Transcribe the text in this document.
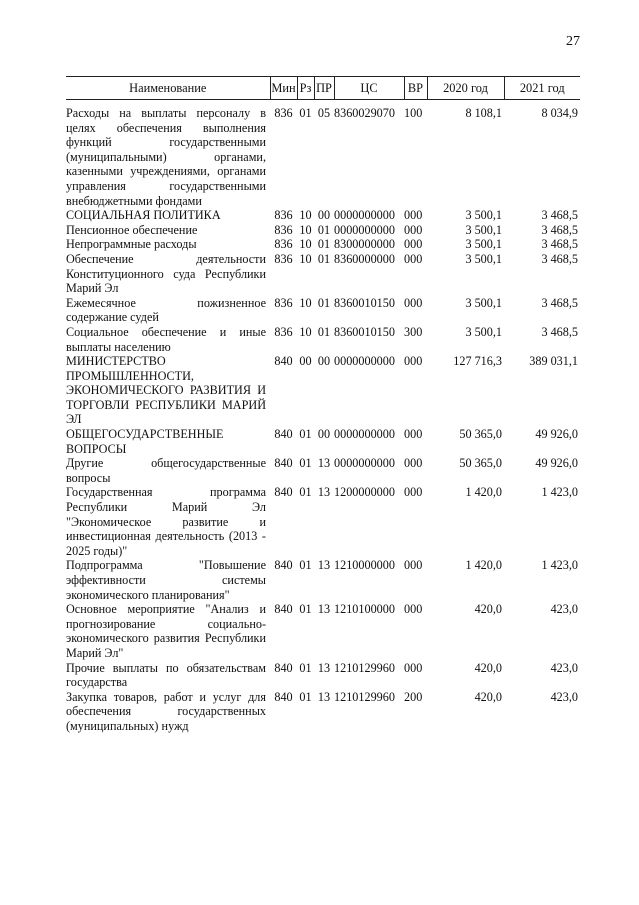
27
Наименование	Мин	Рз	ПР	ЦС	ВР	2020 год	2021 год
Расходы на выплаты персоналу в целях обеспечения выполнения функций государственными (муниципальными) органами, казенными учреждениями, органами управления государственными внебюджетными фондами	836	01	05	8360029070	100	8 108,1	8 034,9
СОЦИАЛЬНАЯ ПОЛИТИКА	836	10	00	0000000000	000	3 500,1	3 468,5
Пенсионное обеспечение	836	10	01	0000000000	000	3 500,1	3 468,5
Непрограммные расходы	836	10	01	8300000000	000	3 500,1	3 468,5
Обеспечение деятельности Конституционного суда Республики Марий Эл	836	10	01	8360000000	000	3 500,1	3 468,5
Ежемесячное пожизненное содержание судей	836	10	01	8360010150	000	3 500,1	3 468,5
Социальное обеспечение и иные выплаты населению	836	10	01	8360010150	300	3 500,1	3 468,5
МИНИСТЕРСТВО ПРОМЫШЛЕННОСТИ, ЭКОНОМИЧЕСКОГО РАЗВИТИЯ И ТОРГОВЛИ РЕСПУБЛИКИ МАРИЙ ЭЛ	840	00	00	0000000000	000	127 716,3	389 031,1
ОБЩЕГОСУДАРСТВЕННЫЕ ВОПРОСЫ	840	01	00	0000000000	000	50 365,0	49 926,0
Другие общегосударственные вопросы	840	01	13	0000000000	000	50 365,0	49 926,0
Государственная программа Республики Марий Эл "Экономическое развитие и инвестиционная деятельность (2013 - 2025 годы)"	840	01	13	1200000000	000	1 420,0	1 423,0
Подпрограмма "Повышение эффективности системы экономического планирования"	840	01	13	1210000000	000	1 420,0	1 423,0
Основное мероприятие "Анализ и прогнозирование социально-экономического развития Республики Марий Эл"	840	01	13	1210100000	000	420,0	423,0
Прочие выплаты по обязательствам государства	840	01	13	1210129960	000	420,0	423,0
Закупка товаров, работ и услуг для обеспечения государственных (муниципальных) нужд	840	01	13	1210129960	200	420,0	423,0
